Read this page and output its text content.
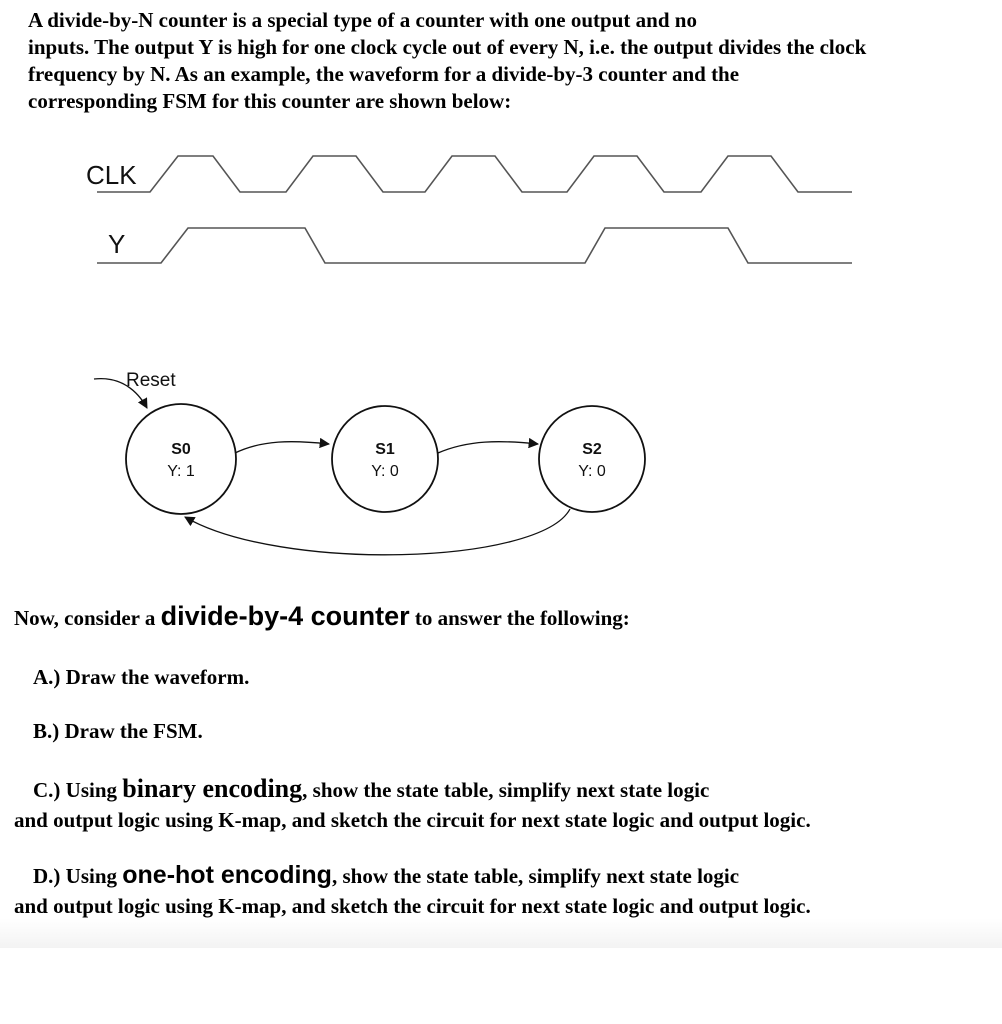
A divide-by-N counter is a special type of a counter with one output and no
inputs. The output Y is high for one clock cycle out of every N, i.e. the output divides the clock
frequency by N. As an example, the waveform for a divide-by-3 counter and the
corresponding FSM for this counter are shown below:
CLK
Y
Reset
S0
Y: 1
S1
Y: 0
S2
Y: 0
Now, consider a divide-by-4 counter to answer the following:
A.) Draw the waveform.
B.) Draw the FSM.
C.) Using binary encoding, show the state table, simplify next state logic
and output logic using K-map, and sketch the circuit for next state logic and output logic.
D.) Using one-hot encoding, show the state table, simplify next state logic
and output logic using K-map, and sketch the circuit for next state logic and output logic.
